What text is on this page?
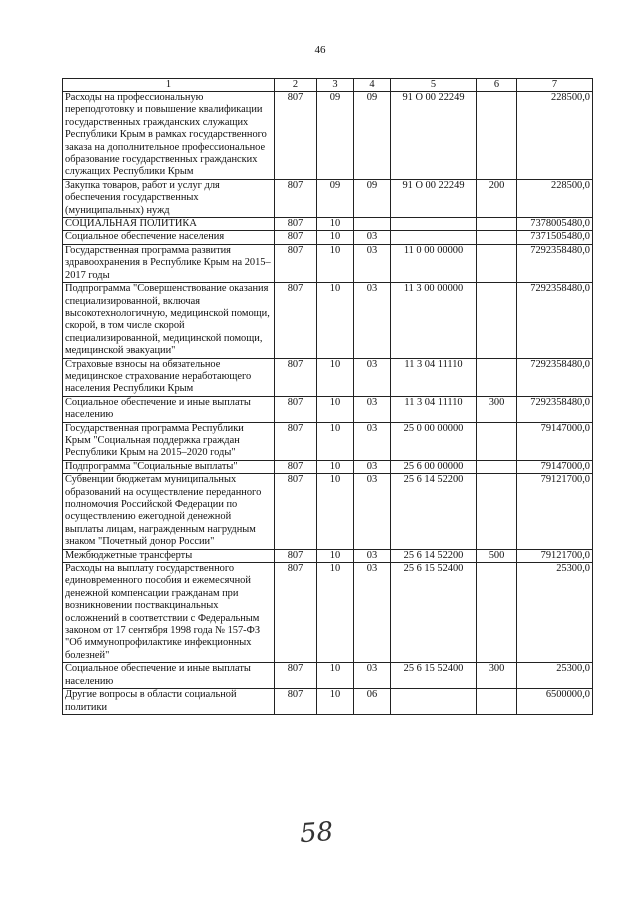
46
1	2	3	4	5	6	7
Расходы на профессиональную переподготовку и повышение квалификации государственных гражданских служащих Республики Крым в рамках государственного заказа на дополнительное профессиональное образование государственных гражданских служащих Республики Крым	807	09	09	91 О 00 22249		228500,0
Закупка товаров, работ и услуг для обеспечения государственных (муниципальных) нужд	807	09	09	91 О 00 22249	200	228500,0
СОЦИАЛЬНАЯ ПОЛИТИКА	807	10				7378005480,0
Социальное обеспечение населения	807	10	03			7371505480,0
Государственная программа развития здравоохранения в Республике Крым на 2015–2017 годы	807	10	03	11 0 00 00000		7292358480,0
Подпрограмма "Совершенствование оказания специализированной, включая высокотехнологичную, медицинской помощи, скорой, в том числе скорой специализированной, медицинской помощи, медицинской эвакуации"	807	10	03	11 3 00 00000		7292358480,0
Страховые взносы на обязательное медицинское страхование неработающего населения Республики Крым	807	10	03	11 3 04 11110		7292358480,0
Социальное обеспечение и иные выплаты населению	807	10	03	11 3 04 11110	300	7292358480,0
Государственная программа Республики Крым "Социальная поддержка граждан Республики Крым на 2015–2020 годы"	807	10	03	25 0 00 00000		79147000,0
Подпрограмма "Социальные выплаты"	807	10	03	25 6 00 00000		79147000,0
Субвенции бюджетам муниципальных образований на осуществление переданного полномочия Российской Федерации по осуществлению ежегодной денежной выплаты лицам, награжденным нагрудным знаком "Почетный донор России"	807	10	03	25 6 14 52200		79121700,0
Межбюджетные трансферты	807	10	03	25 6 14 52200	500	79121700,0
Расходы на выплату государственного единовременного пособия и ежемесячной денежной компенсации гражданам при возникновении поствакцинальных осложнений в соответствии с Федеральным законом от 17 сентября 1998 года № 157-ФЗ "Об иммунопрофилактике инфекционных болезней"	807	10	03	25 6 15 52400		25300,0
Социальное обеспечение и иные выплаты населению	807	10	03	25 6 15 52400	300	25300,0
Другие вопросы в области социальной политики	807	10	06			6500000,0
58
